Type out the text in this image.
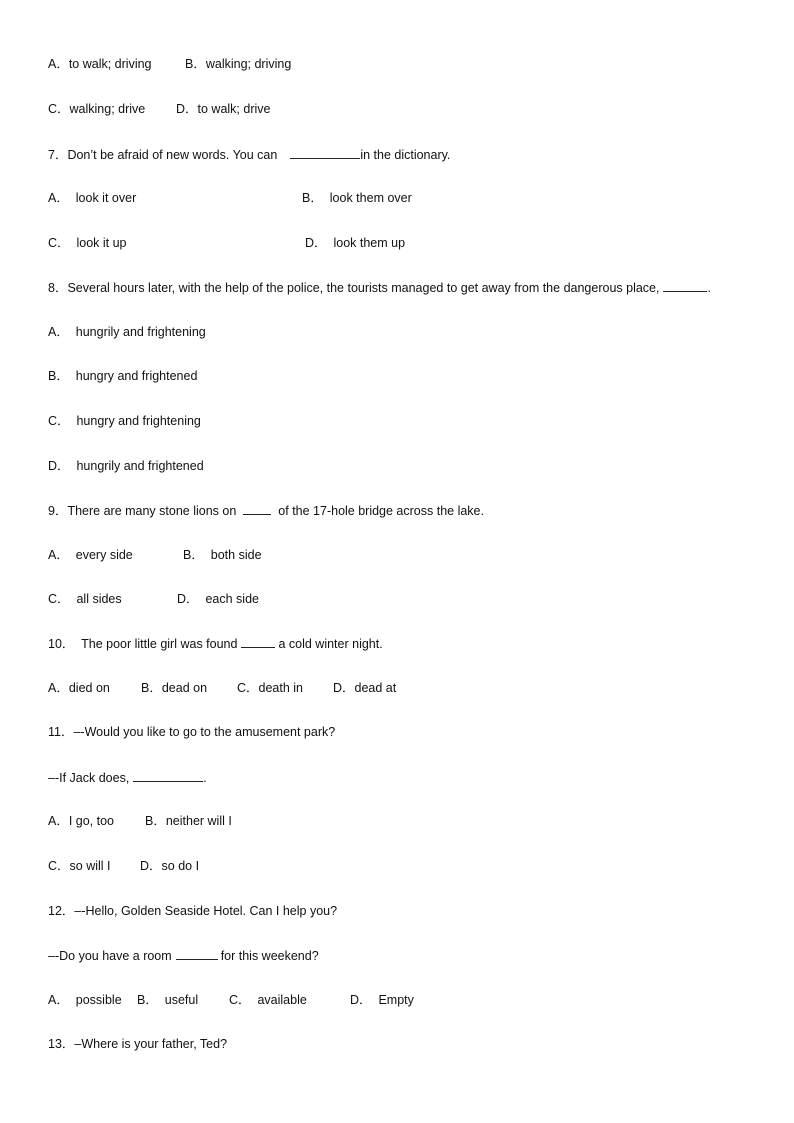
A．to walk; driving	B．walking; driving
C．walking; drive D．to walk; drive
7．Don’t be afraid of new words. You can	in the dictionary.
A．  look it over	B．  look them over
C．  look it up	D．  look them up
8．Several hours later, with the help of the police, the tourists managed to get away from the dangerous place,	.
A．  hungrily and frightening
B．  hungry and frightened
C．  hungry and frightening
D．  hungrily and frightened
9．There are many stone lions on	of the 17-hole bridge across the lake.
A．  every side	B．  both side
C．  all sides	D．  each side
10．  The poor little girl was found	a cold winter night.
A．died on B．dead on C．death in D．dead at
11．–-Would you like to go to the amusement park?
–-If Jack does,	.
A．I go, too B．neither will I
C．so will I D．so do I
12．–-Hello, Golden Seaside Hotel. Can I help you?
–-Do you have a room	for this weekend?
A．  possible B．  useful C．  available	D．  Empty
13．–Where is your father, Ted?
